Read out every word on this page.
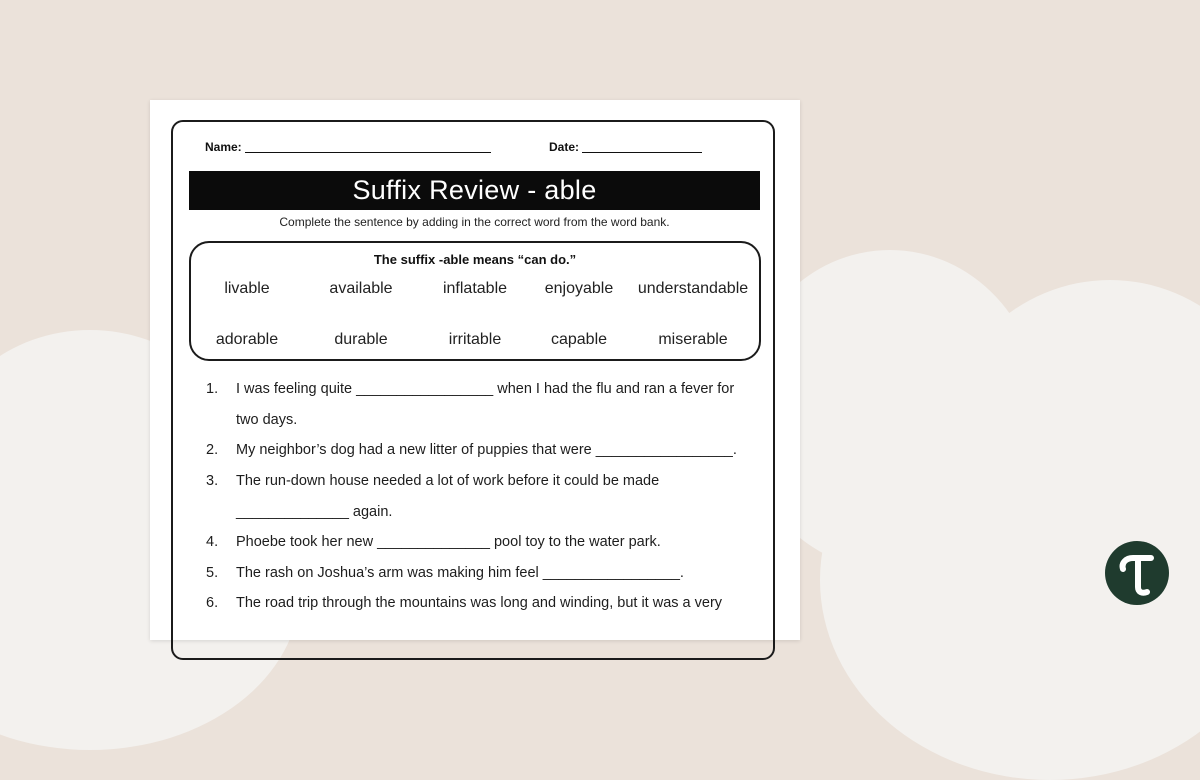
Name:	Date:
Suffix Review - able
Complete the sentence by adding in the correct word from the word bank.
The suffix -able means “can do.”
livable	available	inflatable	enjoyable	understandable
adorable	durable	irritable	capable	miserable
1.	I was feeling quite _________________ when I had the flu and ran a fever for
two days.
2.	My neighbor’s dog had a new litter of puppies that were _________________.
3.	The run-down house needed a lot of work before it could be made
______________ again.
4.	Phoebe took her new ______________ pool toy to the water park.
5.	The rash on Joshua’s arm was making him feel _________________.
6.	The road trip through the mountains was long and winding, but it was a very
